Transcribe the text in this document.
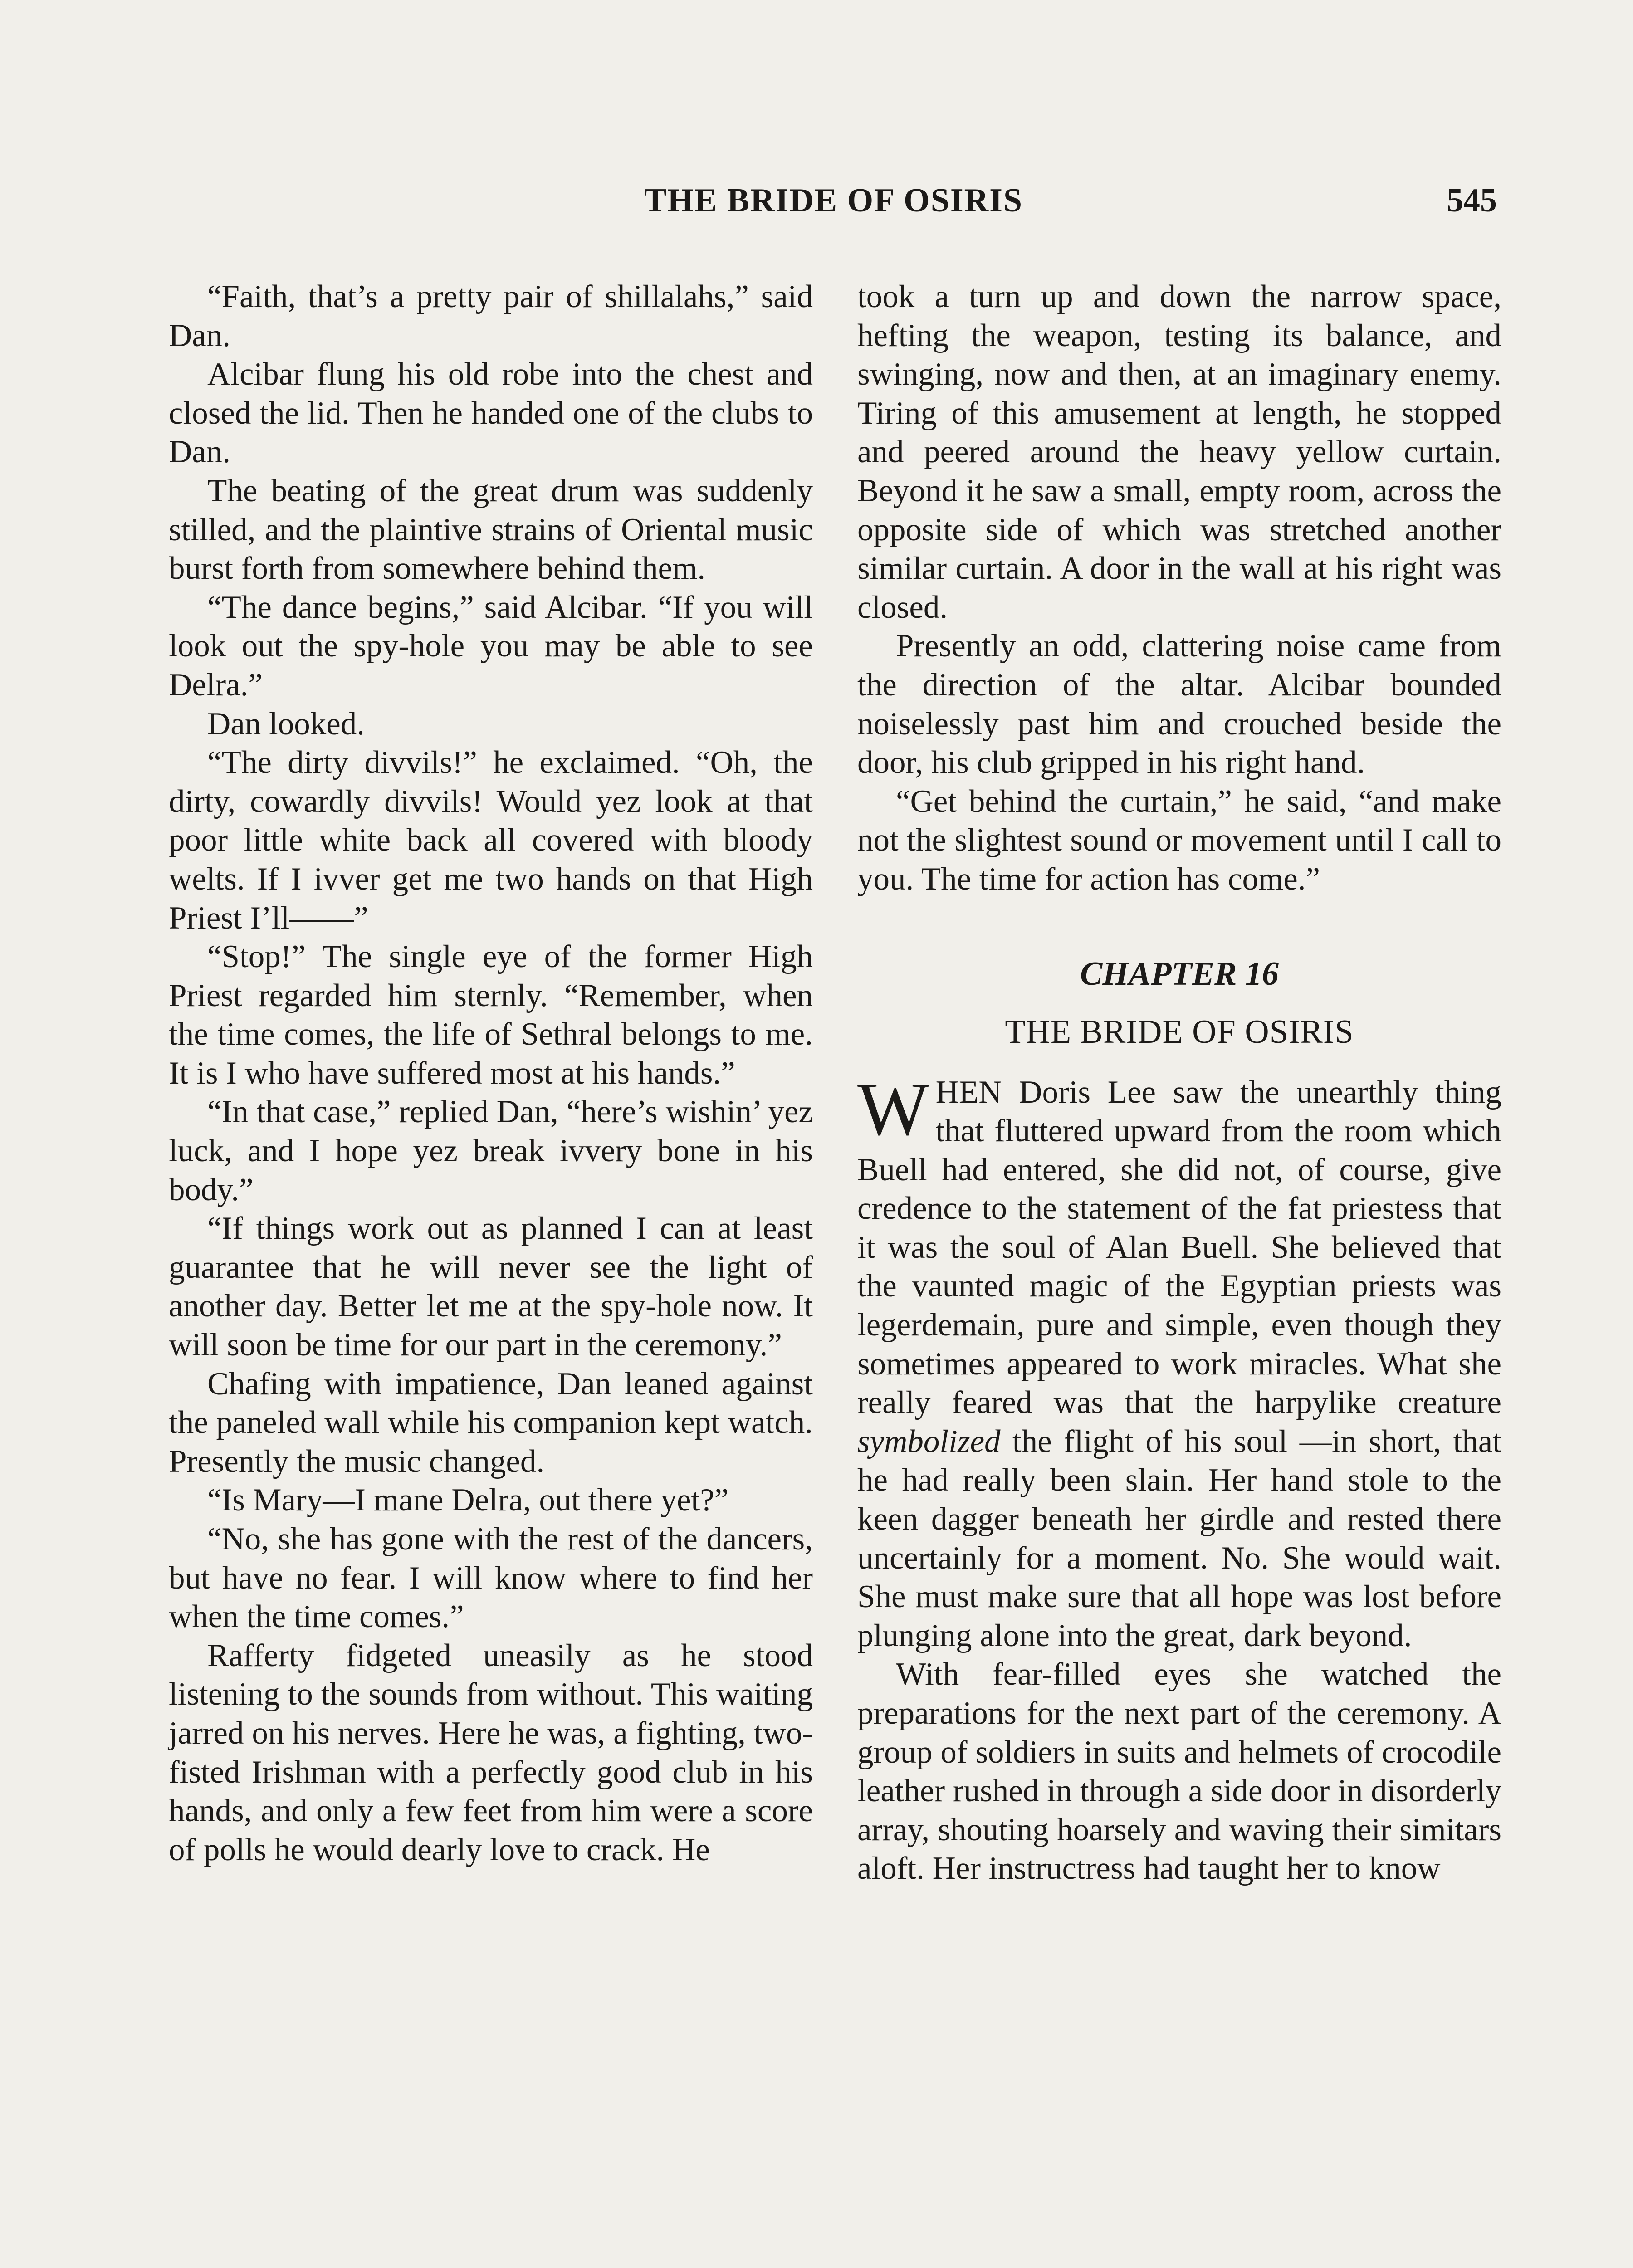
THE BRIDE OF OSIRIS	545

“Faith, that’s a pretty pair of shillalahs,” said Dan.

Alcibar flung his old robe into the chest and closed the lid. Then he handed one of the clubs to Dan.

The beating of the great drum was suddenly stilled, and the plaintive strains of Oriental music burst forth from somewhere behind them.

“The dance begins,” said Alcibar. “If you will look out the spy-hole you may be able to see Delra.”

Dan looked.

“The dirty divvils!” he exclaimed. “Oh, the dirty, cowardly divvils! Would yez look at that poor little white back all covered with bloody welts. If I ivver get me two hands on that High Priest I’ll——”

“Stop!” The single eye of the former High Priest regarded him sternly. “Remember, when the time comes, the life of Sethral belongs to me. It is I who have suffered most at his hands.”

“In that case,” replied Dan, “here’s wishin’ yez luck, and I hope yez break ivvery bone in his body.”

“If things work out as planned I can at least guarantee that he will never see the light of another day. Better let me at the spy-hole now. It will soon be time for our part in the ceremony.”

Chafing with impatience, Dan leaned against the paneled wall while his companion kept watch. Presently the music changed.

“Is Mary—I mane Delra, out there yet?”

“No, she has gone with the rest of the dancers, but have no fear. I will know where to find her when the time comes.”

Rafferty fidgeted uneasily as he stood listening to the sounds from without. This waiting jarred on his nerves. Here he was, a fighting, two-fisted Irishman with a perfectly good club in his hands, and only a few feet from him were a score of polls he would dearly love to crack. He

took a turn up and down the narrow space, hefting the weapon, testing its balance, and swinging, now and then, at an imaginary enemy. Tiring of this amusement at length, he stopped and peered around the heavy yellow curtain. Beyond it he saw a small, empty room, across the opposite side of which was stretched another similar curtain. A door in the wall at his right was closed.

Presently an odd, clattering noise came from the direction of the altar. Alcibar bounded noiselessly past him and crouched beside the door, his club gripped in his right hand.

“Get behind the curtain,” he said, “and make not the slightest sound or movement until I call to you. The time for action has come.”

CHAPTER 16
THE BRIDE OF OSIRIS

WHEN Doris Lee saw the unearthly thing that fluttered upward from the room which Buell had entered, she did not, of course, give credence to the statement of the fat priestess that it was the soul of Alan Buell. She believed that the vaunted magic of the Egyptian priests was legerdemain, pure and simple, even though they sometimes appeared to work miracles. What she really feared was that the harpylike creature symbolized the flight of his soul —in short, that he had really been slain. Her hand stole to the keen dagger beneath her girdle and rested there uncertainly for a moment. No. She would wait. She must make sure that all hope was lost before plunging alone into the great, dark beyond.

With fear-filled eyes she watched the preparations for the next part of the ceremony. A group of soldiers in suits and helmets of crocodile leather rushed in through a side door in disorderly array, shouting hoarsely and waving their simitars aloft. Her instructress had taught her to know
